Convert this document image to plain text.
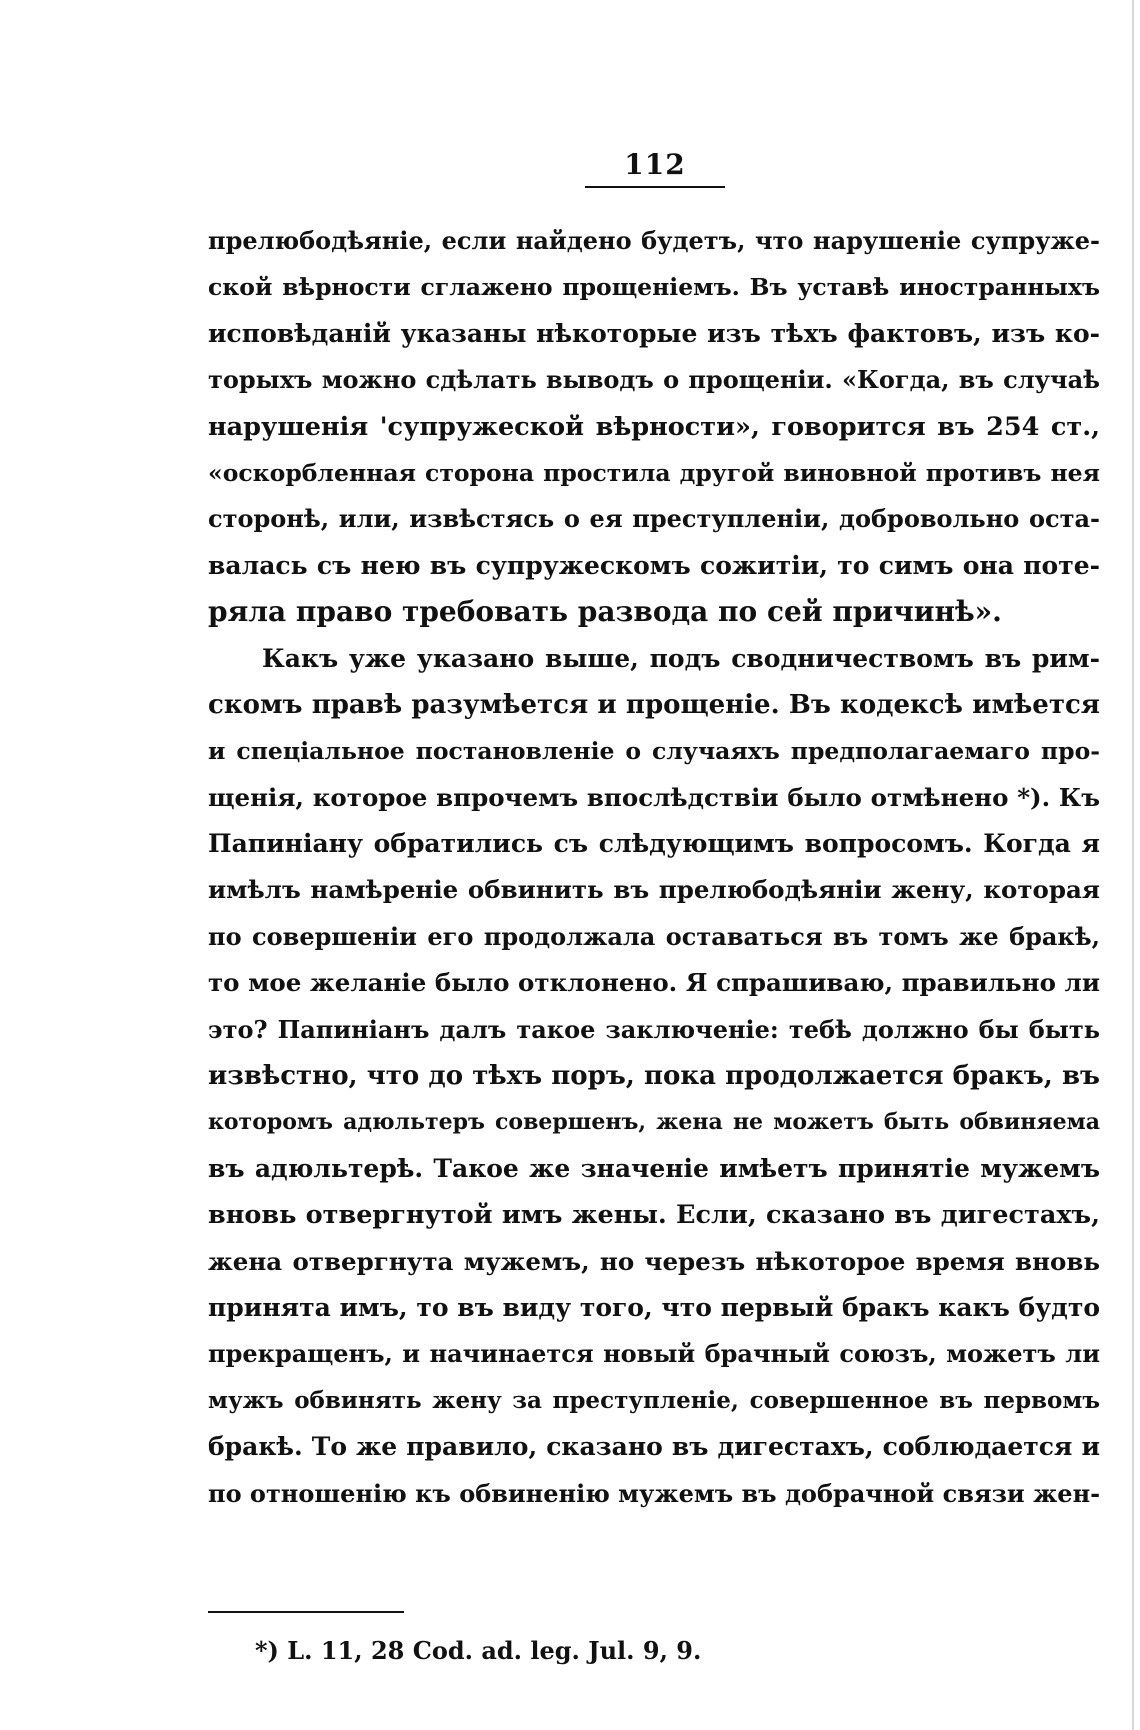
112
прелюбодѣяніе, если найдено будетъ, что нарушеніе супруже-
ской вѣрности сглажено прощеніемъ. Въ уставѣ иностранныхъ
исповѣданій указаны нѣкоторые изъ тѣхъ фактовъ, изъ ко-
торыхъ можно сдѣлать выводъ о прощеніи. «Когда, въ случаѣ
нарушенія 'супружеской вѣрности», говорится въ 254 ст.,
«оскорбленная сторона простила другой виновной противъ нея
сторонѣ, или, извѣстясь о ея преступленіи, добровольно оста-
валась съ нею въ супружескомъ сожитіи, то симъ она поте-
ряла право требовать развода по сей причинѣ».
Какъ уже указано выше, подъ сводничествомъ въ рим-
скомъ правѣ разумѣется и прощеніе. Въ кодексѣ имѣется
и спеціальное постановленіе о случаяхъ предполагаемаго про-
щенія, которое впрочемъ впослѣдствіи было отмѣнено *). Къ
Папиніану обратились съ слѣдующимъ вопросомъ. Когда я
имѣлъ намѣреніе обвинить въ прелюбодѣяніи жену, которая
по совершеніи его продолжала оставаться въ томъ же бракѣ,
то мое желаніе было отклонено. Я спрашиваю, правильно ли
это? Папиніанъ далъ такое заключеніе: тебѣ должно бы быть
извѣстно, что до тѣхъ поръ, пока продолжается бракъ, въ
которомъ адюльтеръ совершенъ, жена не можетъ быть обвиняема
въ адюльтерѣ. Такое же значеніе имѣетъ принятіе мужемъ
вновь отвергнутой имъ жены. Если, сказано въ дигестахъ,
жена отвергнута мужемъ, но черезъ нѣкоторое время вновь
принята имъ, то въ виду того, что первый бракъ какъ будто
прекращенъ, и начинается новый брачный союзъ, можетъ ли
мужъ обвинять жену за преступленіе, совершенное въ первомъ
бракѣ. То же правило, сказано въ дигестахъ, соблюдается и
по отношенію къ обвиненію мужемъ въ добрачной связи жен-
*) L. 11, 28 Cod. ad. leg. Jul. 9, 9.
